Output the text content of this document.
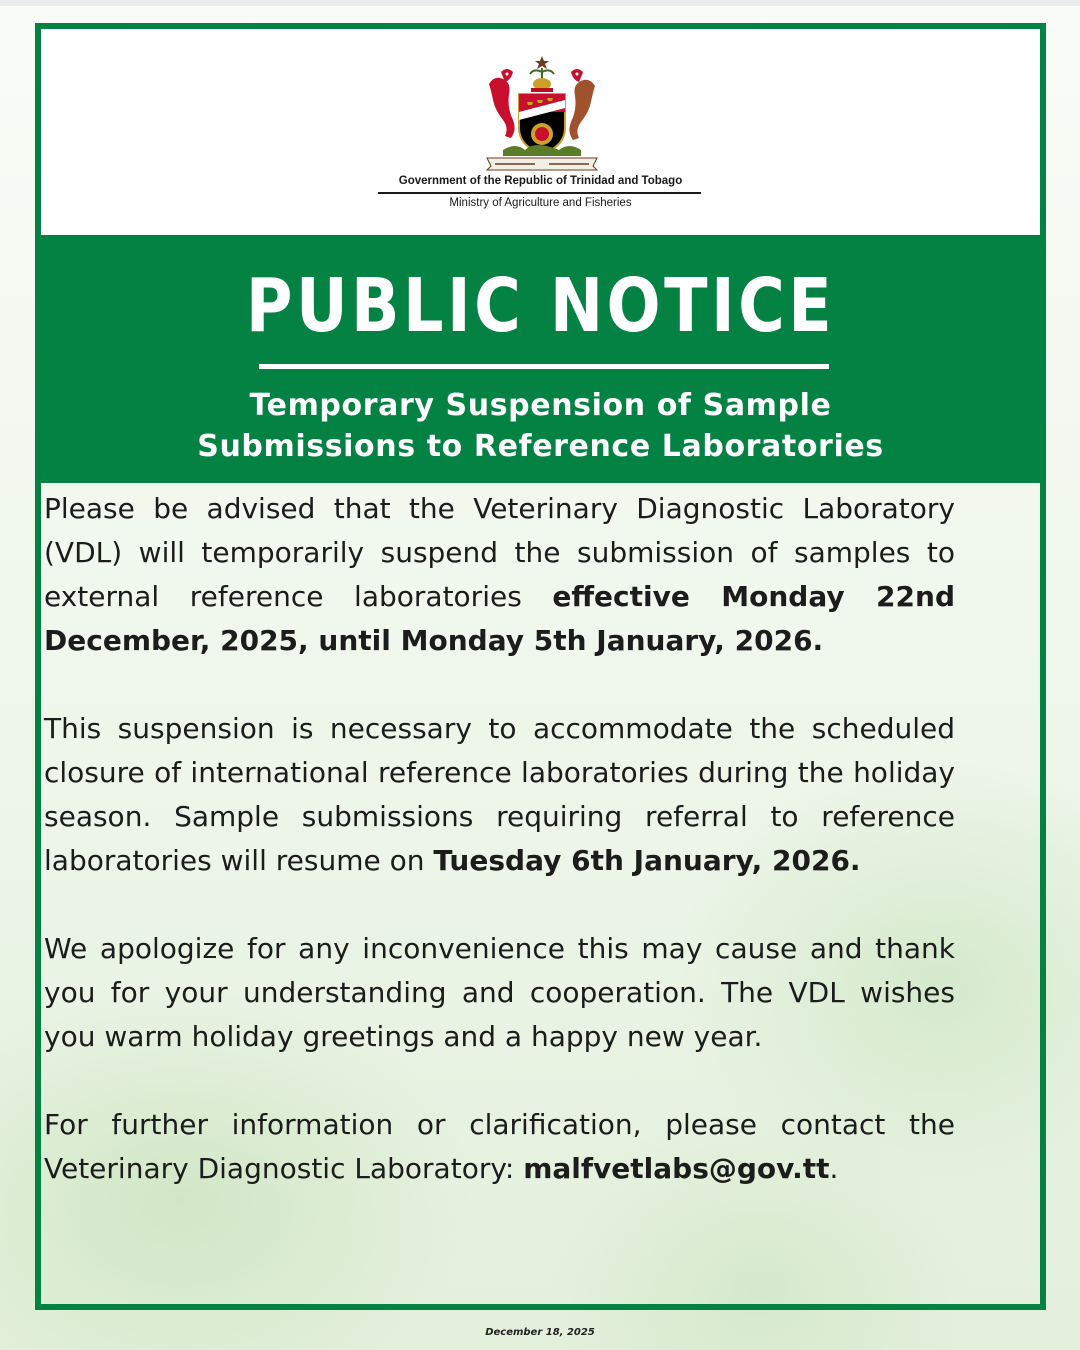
Government of the Republic of Trinidad and Tobago
Ministry of Agriculture and Fisheries
PUBLIC NOTICE
Temporary Suspension of Sample
Submissions to Reference Laboratories

Please be advised that the Veterinary Diagnostic Laboratory (VDL) will temporarily suspend the submission of samples to external reference laboratories effective Monday 22nd December, 2025, until Monday 5th January, 2026.

This suspension is necessary to accommodate the scheduled closure of international reference laboratories during the holiday season. Sample submissions requiring referral to reference laboratories will resume on Tuesday 6th January, 2026.

We apologize for any inconvenience this may cause and thank you for your understanding and cooperation. The VDL wishes you warm holiday greetings and a happy new year.

For further information or clarification, please contact the Veterinary Diagnostic Laboratory: malfvetlabs@gov.tt.

December 18, 2025
